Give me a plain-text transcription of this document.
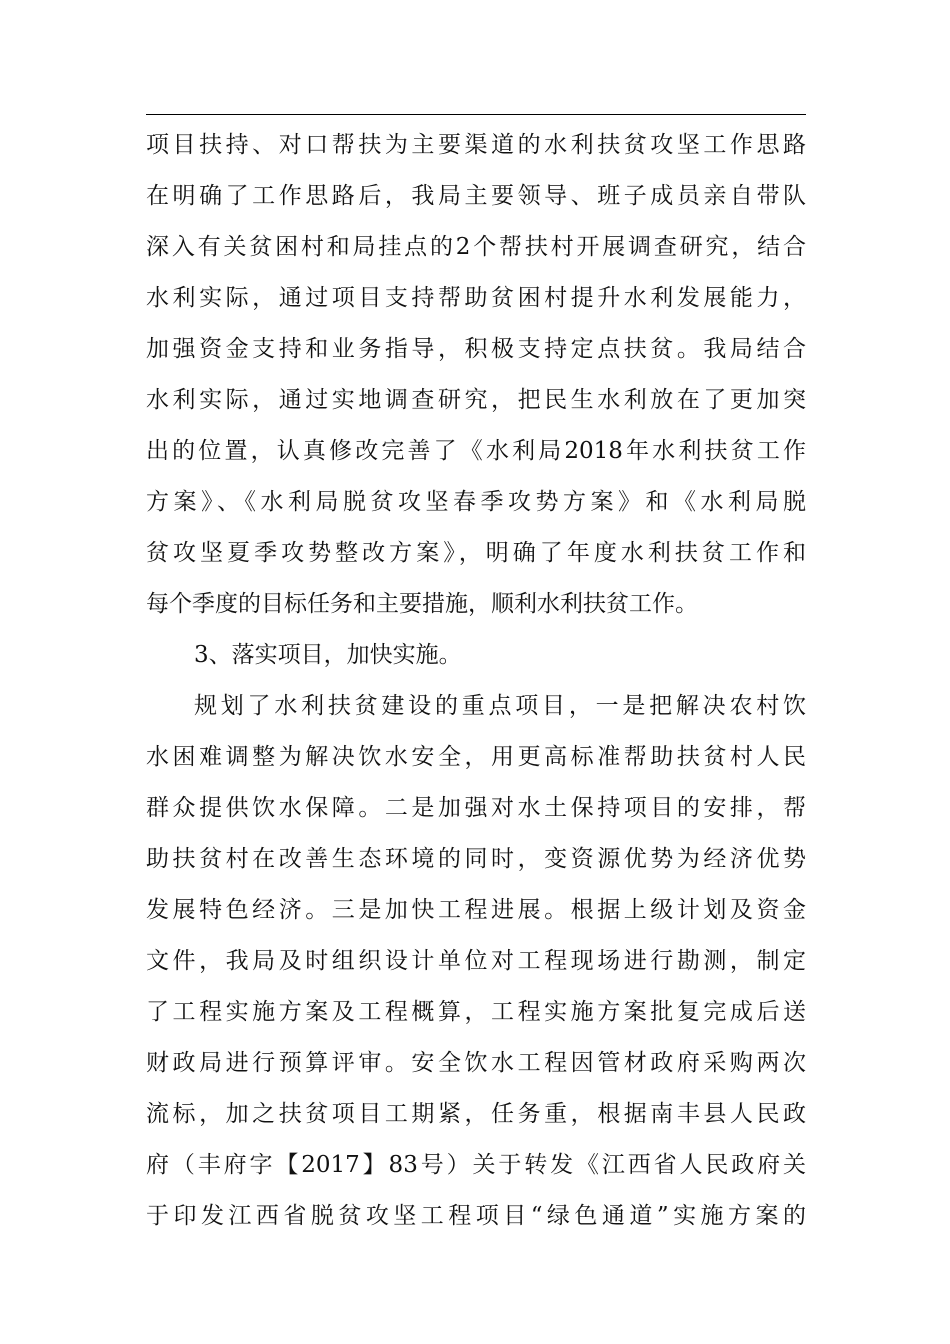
项目扶持、对口帮扶为主要渠道的水利扶贫攻坚工作思路
在明确了工作思路后，我局主要领导、班子成员亲自带队
深入有关贫困村和局挂点的2个帮扶村开展调查研究，结合
水利实际，通过项目支持帮助贫困村提升水利发展能力，
加强资金支持和业务指导，积极支持定点扶贫。我局结合
水利实际，通过实地调查研究，把民生水利放在了更加突
出的位置，认真修改完善了《水利局2018年水利扶贫工作
方案》、《水利局脱贫攻坚春季攻势方案》和《水利局脱
贫攻坚夏季攻势整改方案》，明确了年度水利扶贫工作和
每个季度的目标任务和主要措施，顺利水利扶贫工作。
3、落实项目，加快实施。
规划了水利扶贫建设的重点项目，一是把解决农村饮
水困难调整为解决饮水安全，用更高标准帮助扶贫村人民
群众提供饮水保障。二是加强对水土保持项目的安排，帮
助扶贫村在改善生态环境的同时，变资源优势为经济优势
发展特色经济。三是加快工程进展。根据上级计划及资金
文件，我局及时组织设计单位对工程现场进行勘测，制定
了工程实施方案及工程概算，工程实施方案批复完成后送
财政局进行预算评审。安全饮水工程因管材政府采购两次
流标，加之扶贫项目工期紧，任务重，根据南丰县人民政
府（丰府字【2017】83号）关于转发《江西省人民政府关
于印发江西省脱贫攻坚工程项目“绿色通道”实施方案的
